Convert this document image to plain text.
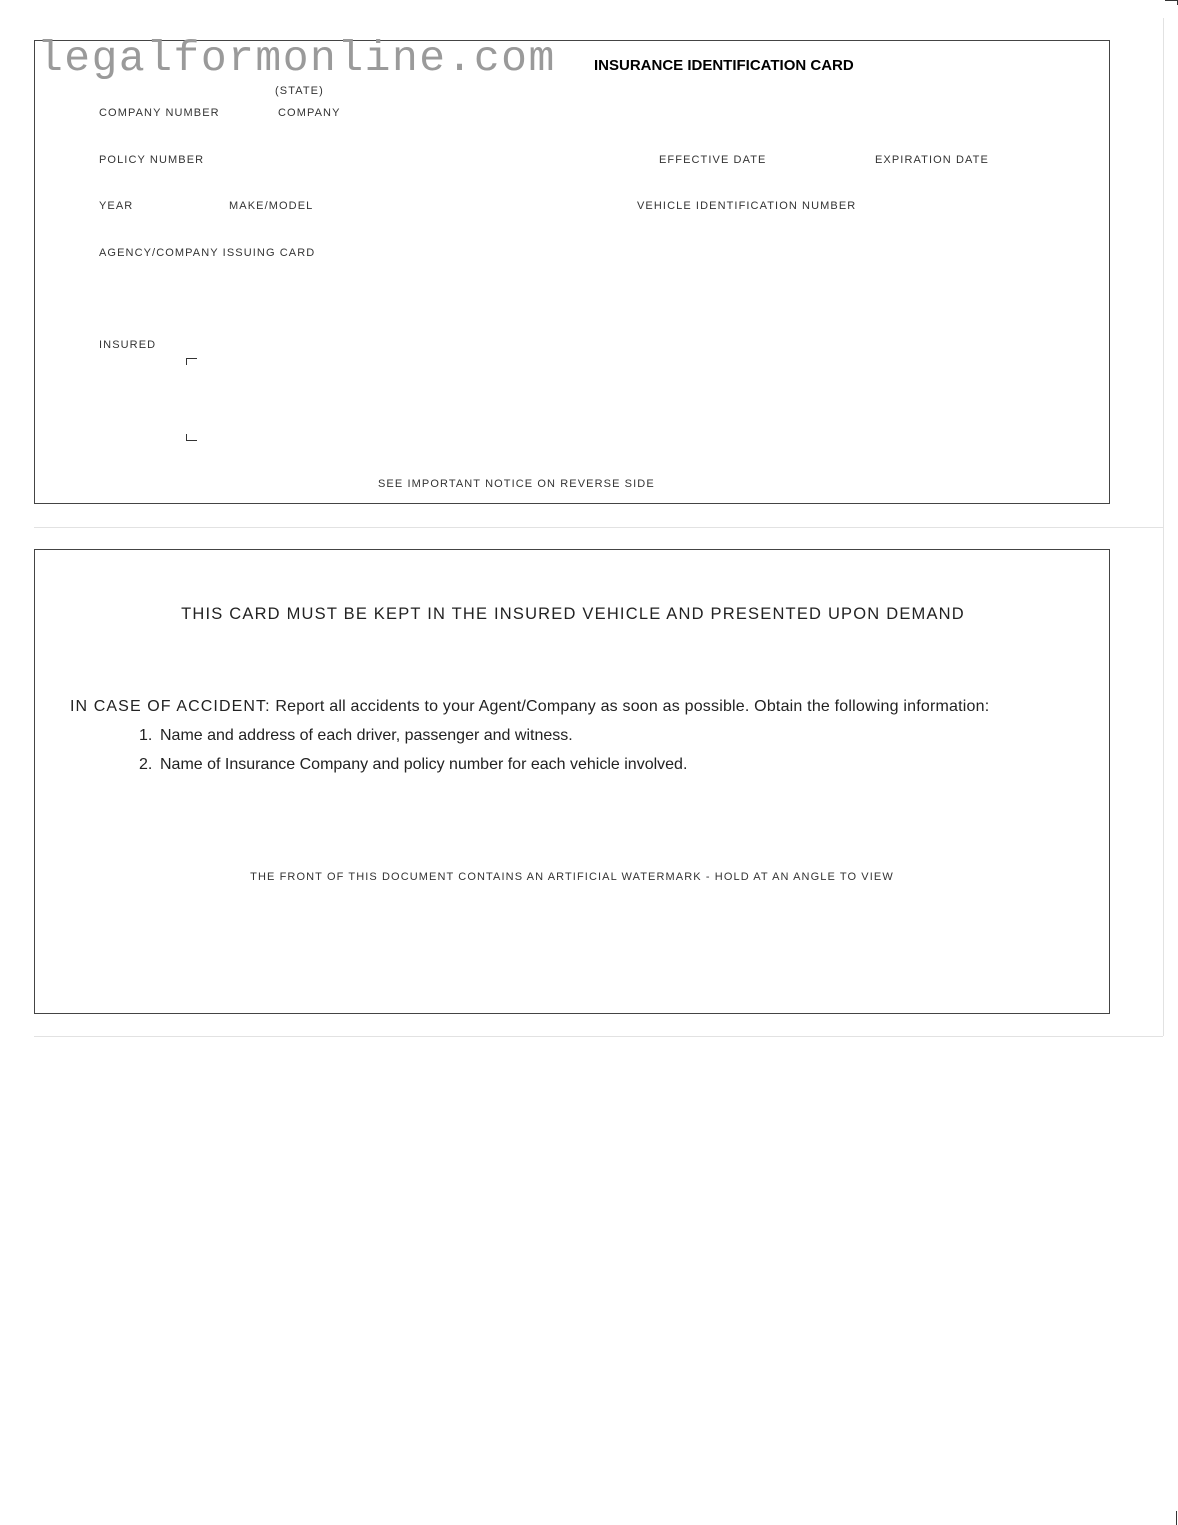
legalformonline.com	INSURANCE IDENTIFICATION CARD
(STATE)
COMPANY NUMBER	COMPANY
POLICY NUMBER	EFFECTIVE DATE	EXPIRATION DATE
YEAR	MAKE/MODEL	VEHICLE IDENTIFICATION NUMBER
AGENCY/COMPANY ISSUING CARD
INSURED
SEE IMPORTANT NOTICE ON REVERSE SIDE
THIS CARD MUST BE KEPT IN THE INSURED VEHICLE AND PRESENTED UPON DEMAND
IN CASE OF ACCIDENT: Report all accidents to your Agent/Company as soon as possible. Obtain the following information:
1. Name and address of each driver, passenger and witness.
2. Name of Insurance Company and policy number for each vehicle involved.
THE FRONT OF THIS DOCUMENT CONTAINS AN ARTIFICIAL WATERMARK - HOLD AT AN ANGLE TO VIEW
